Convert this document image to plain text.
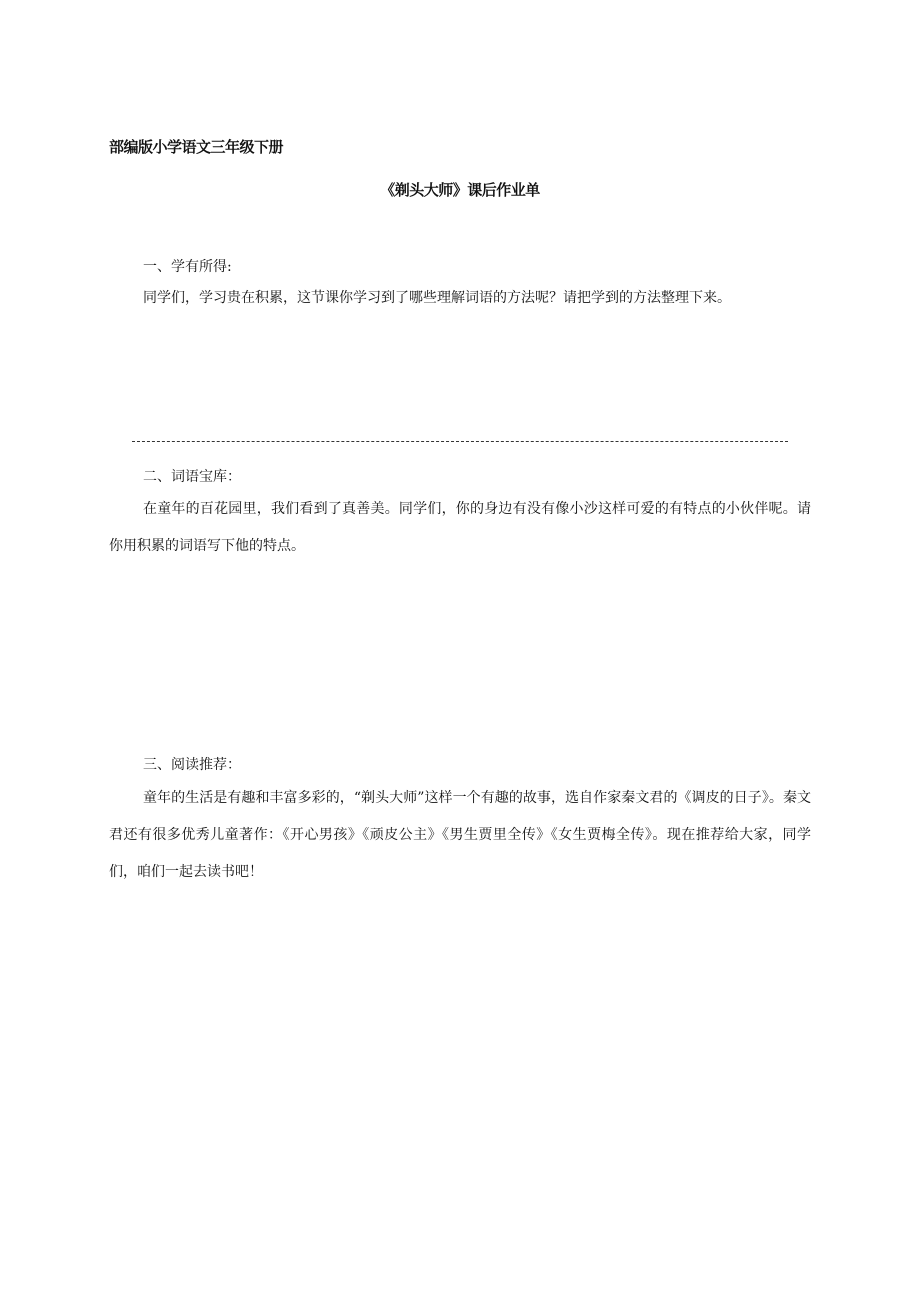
部编版小学语文三年级下册
《剃头大师》课后作业单
一、学有所得:
同学们，学习贵在积累，这节课你学习到了哪些理解词语的方法呢？请把学到的方法整理下来。
二、词语宝库：
在童年的百花园里，我们看到了真善美。同学们，你的身边有没有像小沙这样可爱的有特点的小伙伴呢。请你用积累的词语写下他的特点。
三、阅读推荐：
童年的生活是有趣和丰富多彩的，“剃头大师”这样一个有趣的故事，选自作家秦文君的《调皮的日子》。秦文君还有很多优秀儿童著作：《开心男孩》《顽皮公主》《男生贾里全传》《女生贾梅全传》。现在推荐给大家，同学们，咱们一起去读书吧！
